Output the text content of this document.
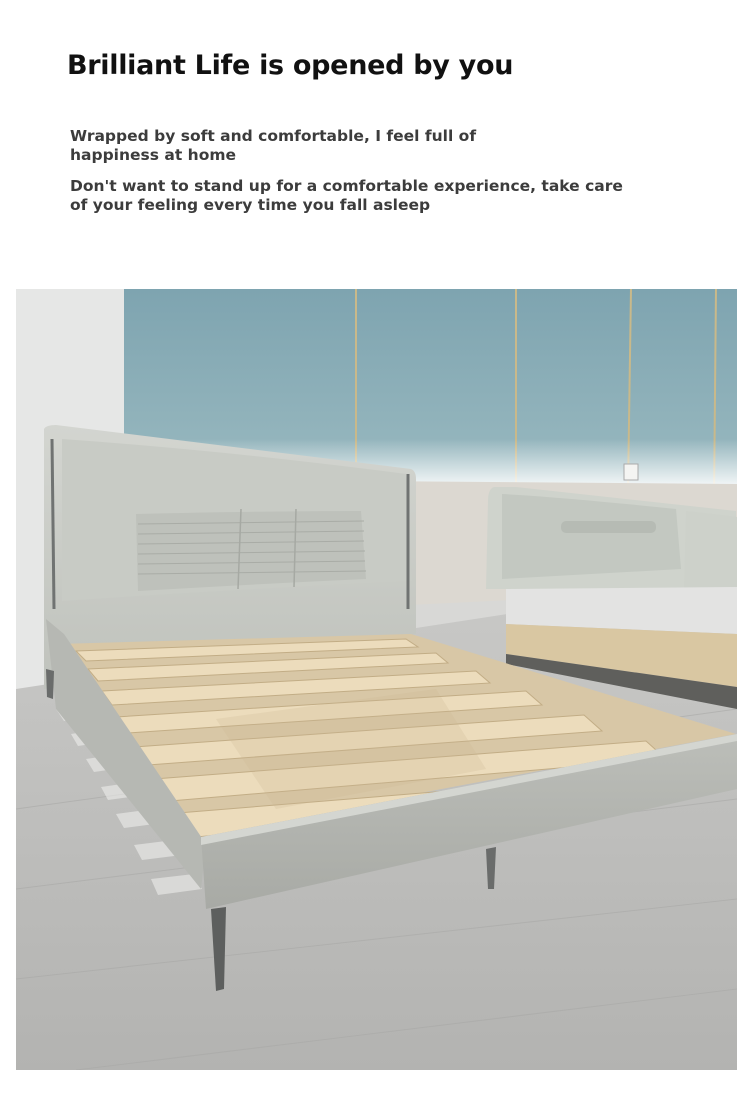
Brilliant Life is opened by you

Wrapped by soft and comfortable, I feel full of happiness at home

Don't want to stand up for a comfortable experience, take care of your feeling every time you fall asleep
